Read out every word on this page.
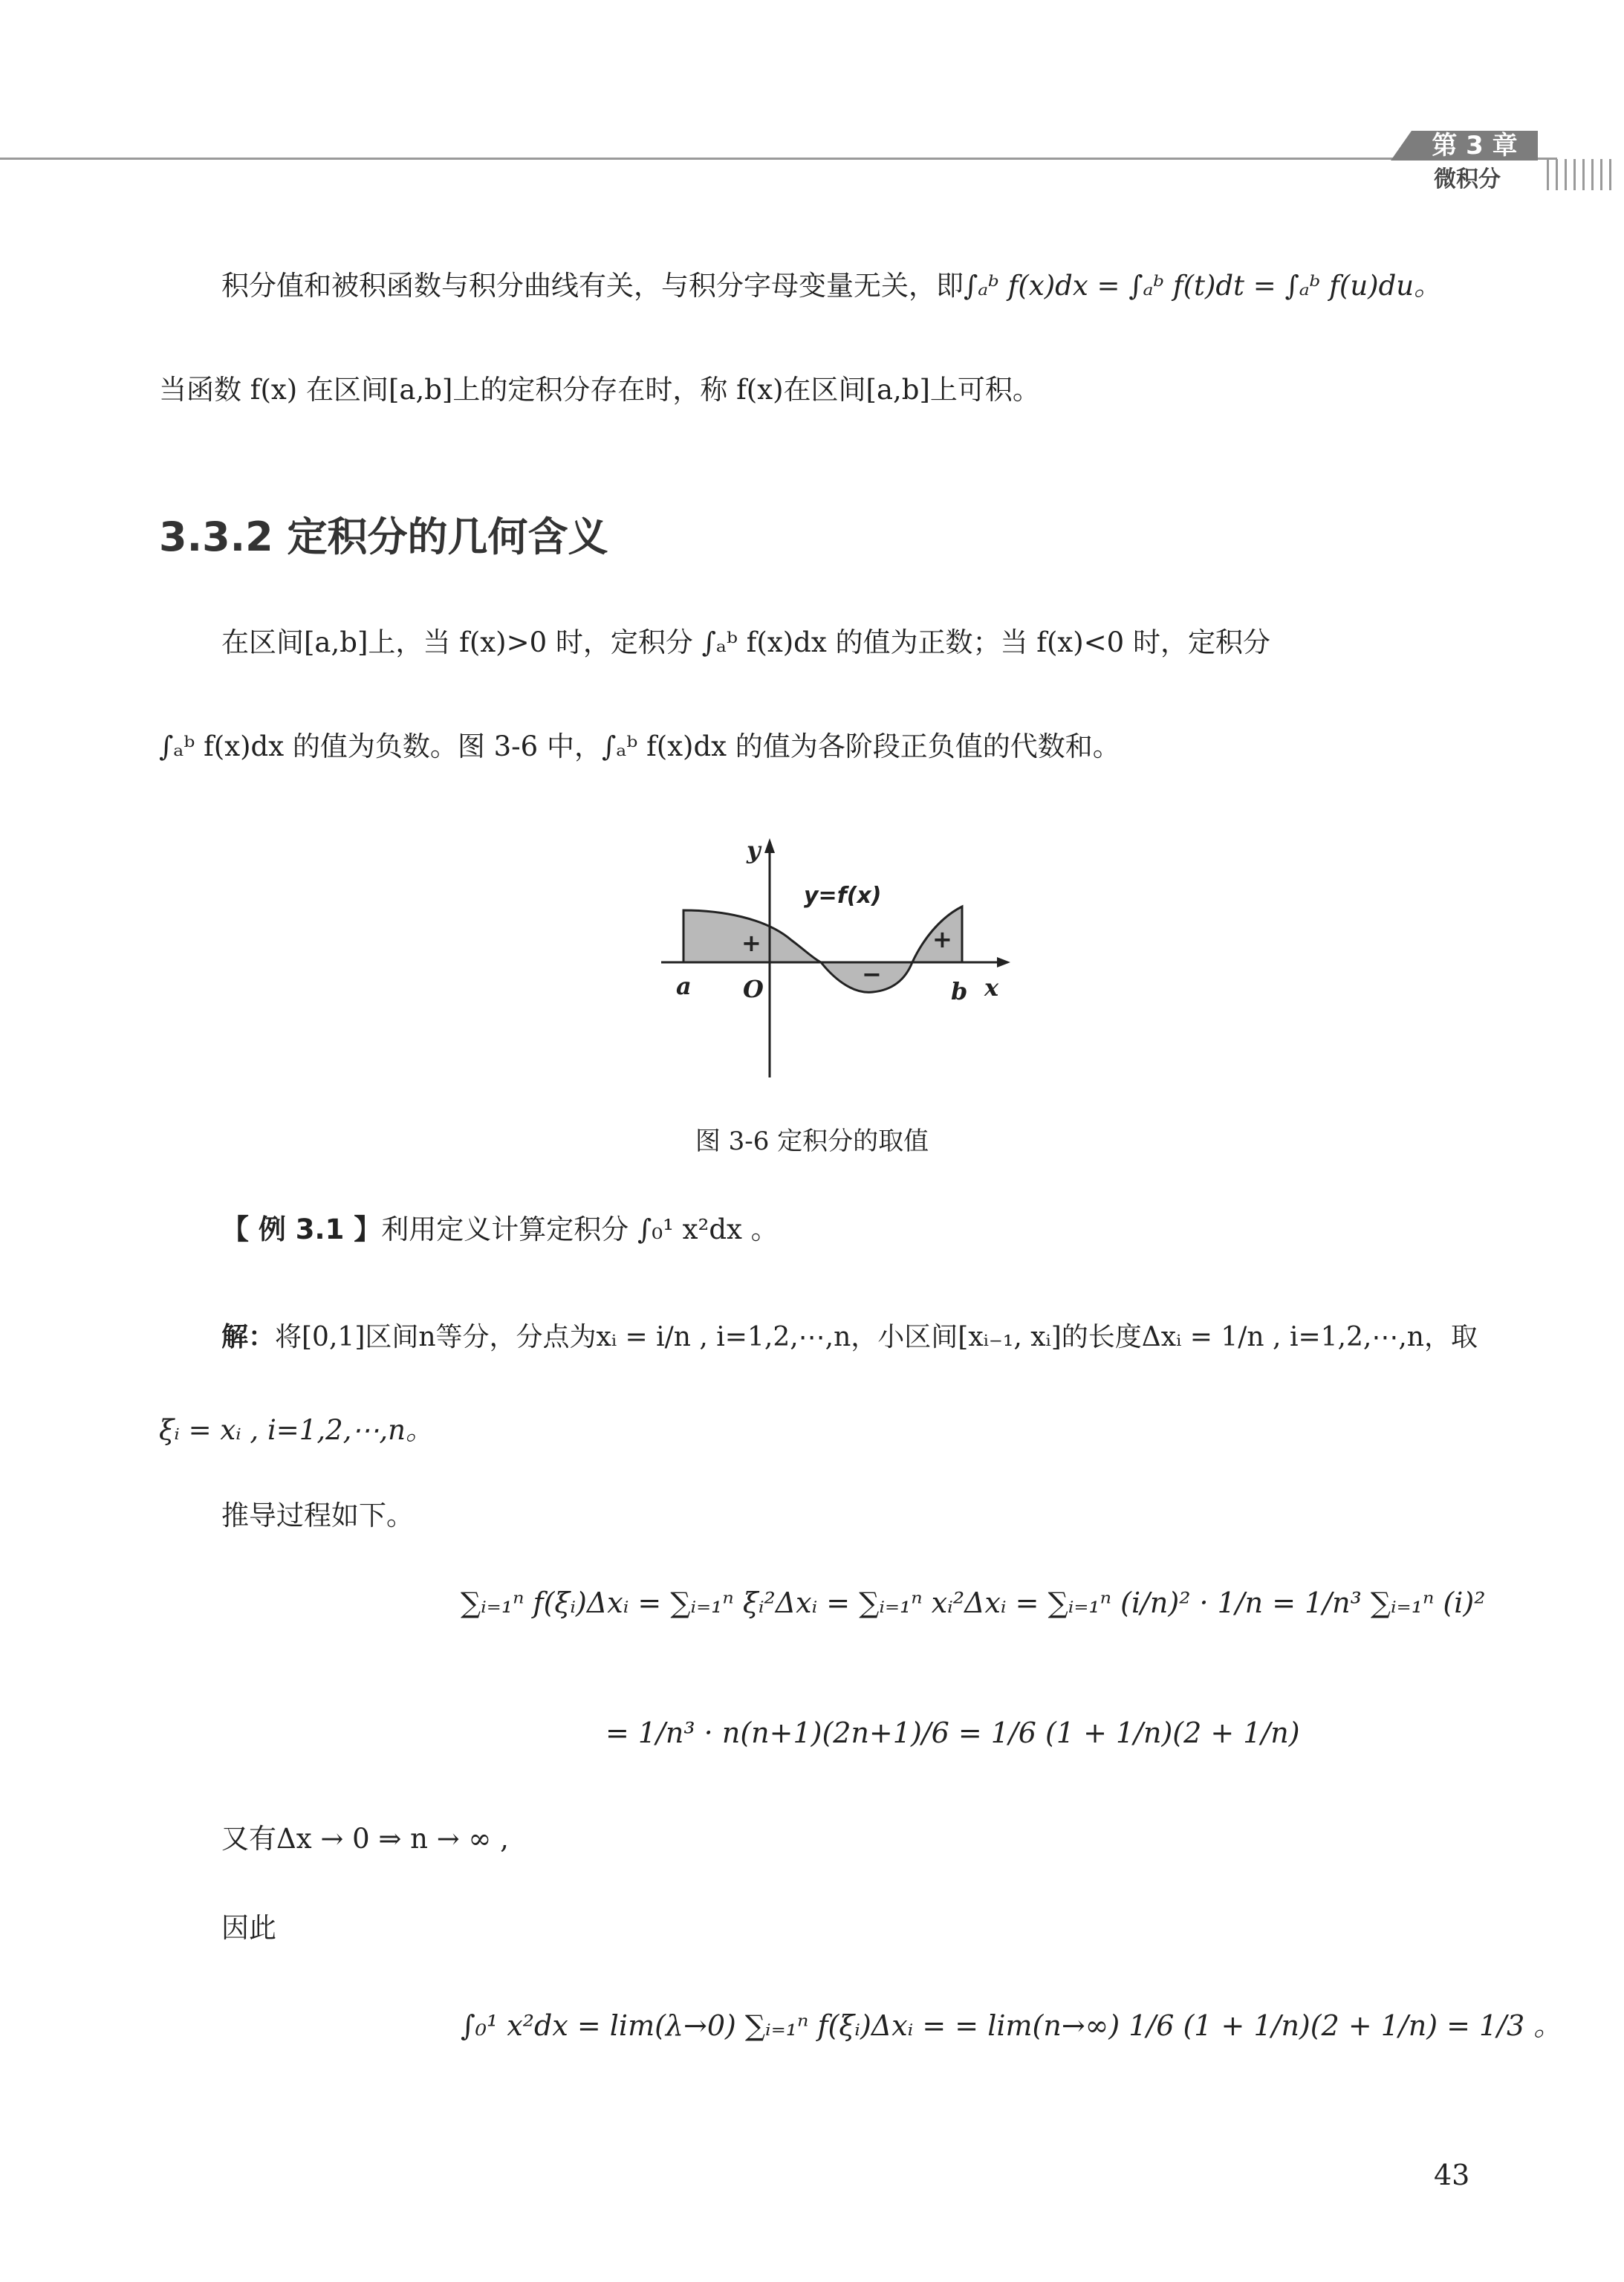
第 3 章
微积分
积分值和被积函数与积分曲线有关，与积分字母变量无关，即∫ₐᵇ f(x)dx = ∫ₐᵇ f(t)dt = ∫ₐᵇ f(u)du。
当函数 f(x) 在区间[a,b]上的定积分存在时，称 f(x)在区间[a,b]上可积。
3.3.2 定积分的几何含义
在区间[a,b]上，当 f(x)>0 时，定积分 ∫ₐᵇ f(x)dx 的值为正数；当 f(x)<0 时，定积分
∫ₐᵇ f(x)dx 的值为负数。图 3-6 中，∫ₐᵇ f(x)dx 的值为各阶段正负值的代数和。
y
x
y=f(x)
O
a	b
+
−
+
图 3-6 定积分的取值
【 例 3.1 】利用定义计算定积分 ∫₀¹ x²dx 。
解：将[0,1]区间n等分，分点为xᵢ = i/n , i=1,2,⋯,n，小区间[xᵢ₋₁, xᵢ]的长度Δxᵢ = 1/n , i=1,2,⋯,n，取
ξᵢ = xᵢ , i=1,2,⋯,n。
推导过程如下。
∑ᵢ₌₁ⁿ f(ξᵢ)Δxᵢ = ∑ᵢ₌₁ⁿ ξᵢ²Δxᵢ = ∑ᵢ₌₁ⁿ xᵢ²Δxᵢ = ∑ᵢ₌₁ⁿ (i/n)² · 1/n = 1/n³ ∑ᵢ₌₁ⁿ (i)²
= 1/n³ · n(n+1)(2n+1)/6 = 1/6 (1 + 1/n)(2 + 1/n)
又有Δx → 0 ⇒ n → ∞ ,
因此
∫₀¹ x²dx = lim(λ→0) ∑ᵢ₌₁ⁿ f(ξᵢ)Δxᵢ = = lim(n→∞) 1/6 (1 + 1/n)(2 + 1/n) = 1/3 。
43
